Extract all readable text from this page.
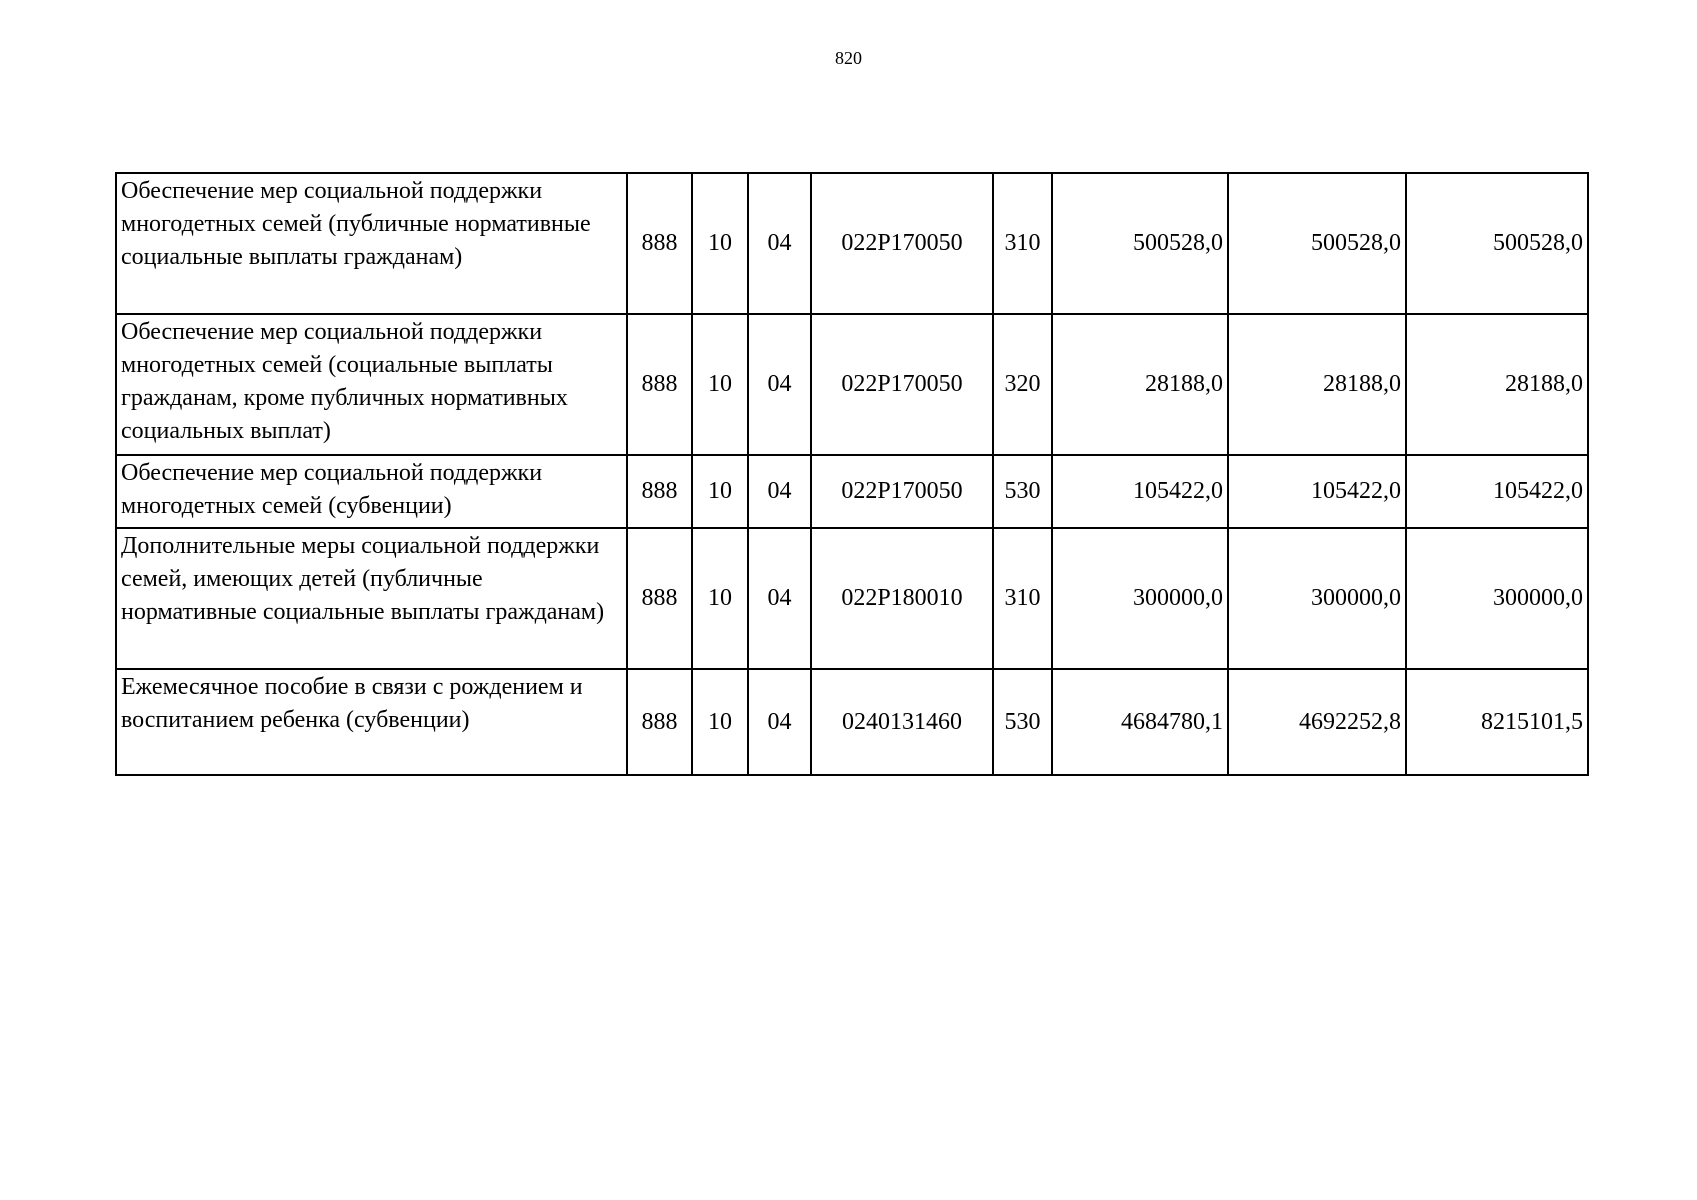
820
Обеспечение мер социальной поддержки многодетных семей (публичные нормативные социальные выплаты гражданам)	888	10	04	022P170050	310	500528,0	500528,0	500528,0
Обеспечение мер социальной поддержки многодетных семей (социальные выплаты гражданам, кроме публичных нормативных социальных выплат)	888	10	04	022P170050	320	28188,0	28188,0	28188,0
Обеспечение мер социальной поддержки многодетных семей (субвенции)	888	10	04	022P170050	530	105422,0	105422,0	105422,0
Дополнительные меры социальной поддержки семей, имеющих детей (публичные нормативные социальные выплаты гражданам)	888	10	04	022P180010	310	300000,0	300000,0	300000,0
Ежемесячное пособие в связи с рождением и воспитанием ребенка (субвенции)	888	10	04	0240131460	530	4684780,1	4692252,8	8215101,5
